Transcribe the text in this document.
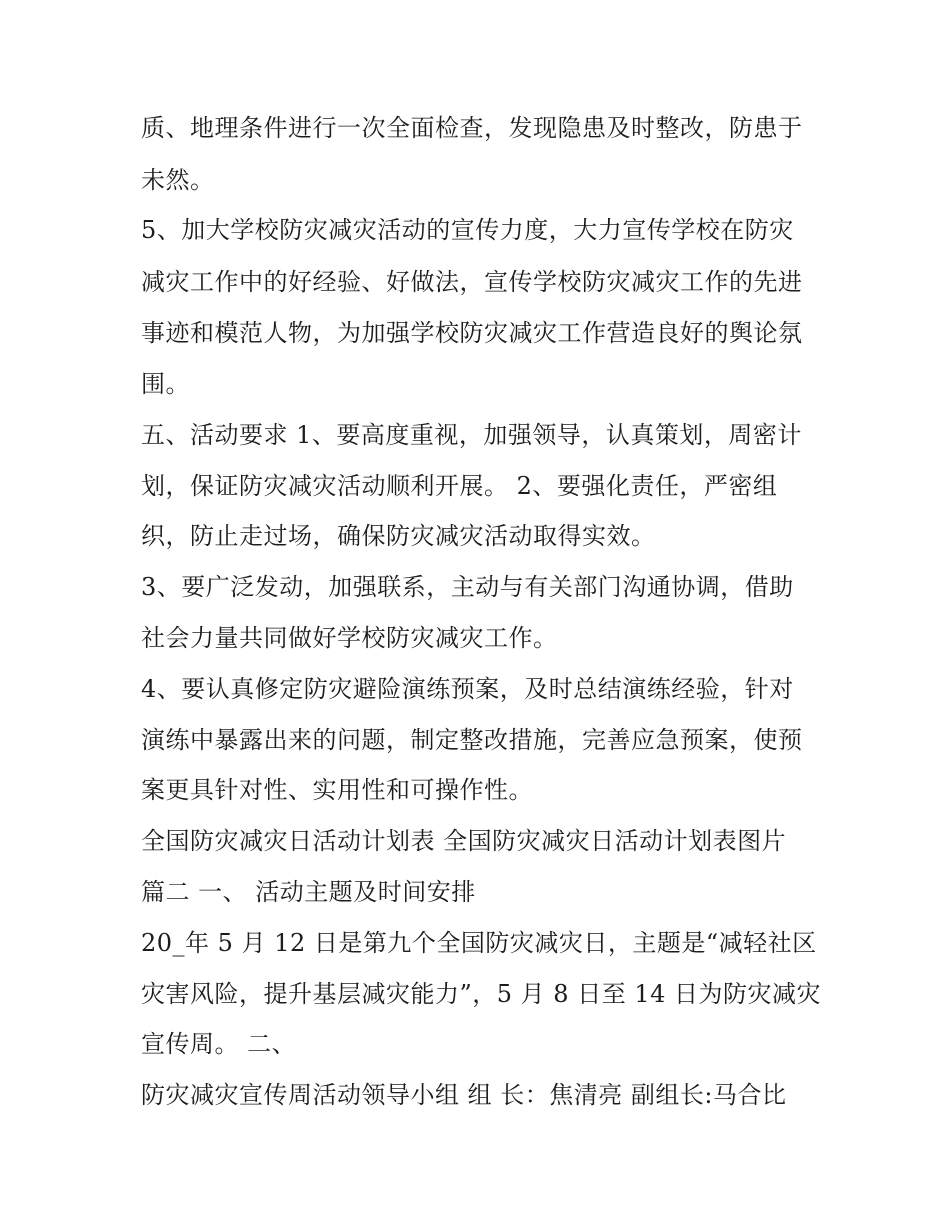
质、地理条件进行一次全面检查，发现隐患及时整改，防患于
未然。
5、加大学校防灾减灾活动的宣传力度，大力宣传学校在防灾
减灾工作中的好经验、好做法，宣传学校防灾减灾工作的先进
事迹和模范人物，为加强学校防灾减灾工作营造良好的舆论氛
围。
五、活动要求 1、要高度重视，加强领导，认真策划，周密计
划，保证防灾减灾活动顺利开展。 2、要强化责任，严密组
织，防止走过场，确保防灾减灾活动取得实效。
3、要广泛发动，加强联系，主动与有关部门沟通协调，借助
社会力量共同做好学校防灾减灾工作。
4、要认真修定防灾避险演练预案，及时总结演练经验，针对
演练中暴露出来的问题，制定整改措施，完善应急预案，使预
案更具针对性、实用性和可操作性。
全国防灾减灾日活动计划表 全国防灾减灾日活动计划表图片
篇二 一、 活动主题及时间安排
20_年 5 月 12 日是第九个全国防灾减灾日，主题是“减轻社区
灾害风险，提升基层减灾能力”，5 月 8 日至 14 日为防灾减灾
宣传周。 二、
防灾减灾宣传周活动领导小组 组 长：焦清亮 副组长:马合比
